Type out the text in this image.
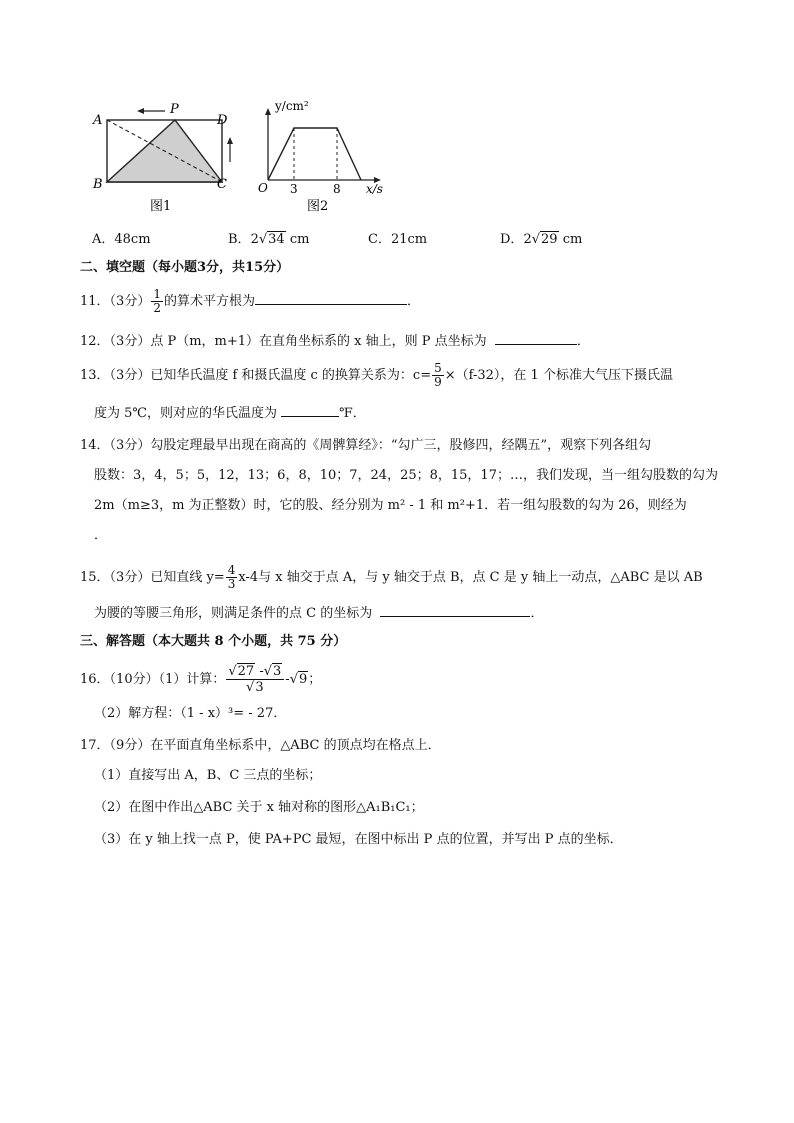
A
P
D
B	C
图1
y/cm²
O 3	8 x/s
图2
A．48cm	B．2√34 cm	C．21cm	D．2√29 cm
二、填空题（每小题3分，共15分）
11．（3分） $\frac{1}{2}$ 的算术平方根为	．
12．（3分）点 P（m，m+1）在直角坐标系的 x 轴上，则 P 点坐标为	．
13．（3分）已知华氏温度 f 和摄氏温度 c 的换算关系为：$c= \frac{5}{9} \times(f-32)$，在 1 个标准大气压下摄氏温
度为 5℃，则对应的华氏温度为	℉．
14．（3分）勾股定理最早出现在商高的《周髀算经》：“勾广三，股修四，经隅五”，观察下列各组勾
股数：3，4，5；5，12，13；6，8，10；7，24，25；8，15，17；…，我们发现，当一组勾股数的勾为
2m（m≥3，m 为正整数）时，它的股、经分别为 m² - 1 和 m²+1．若一组勾股数的勾为 26，则经为
．
15．（3分）已知直线 $y= \frac{4}{3} x-4$与 x 轴交于点 A，与 y 轴交于点 B，点 C 是 y 轴上一动点，△ABC 是以 AB
为腰的等腰三角形，则满足条件的点 C 的坐标为	．
三、解答题（本大题共 8 个小题，共 75 分）
16．（10分）（1）计算： $\frac{√27 -√3}{√3} -√9$；
（2）解方程：（1 - x）³= - 27．
17．（9分）在平面直角坐标系中，△ABC 的顶点均在格点上．
（1）直接写出 A，B、C 三点的坐标；
（2）在图中作出△ABC 关于 x 轴对称的图形△A₁B₁C₁；
（3）在 y 轴上找一点 P，使 PA+PC 最短，在图中标出 P 点的位置，并写出 P 点的坐标．
